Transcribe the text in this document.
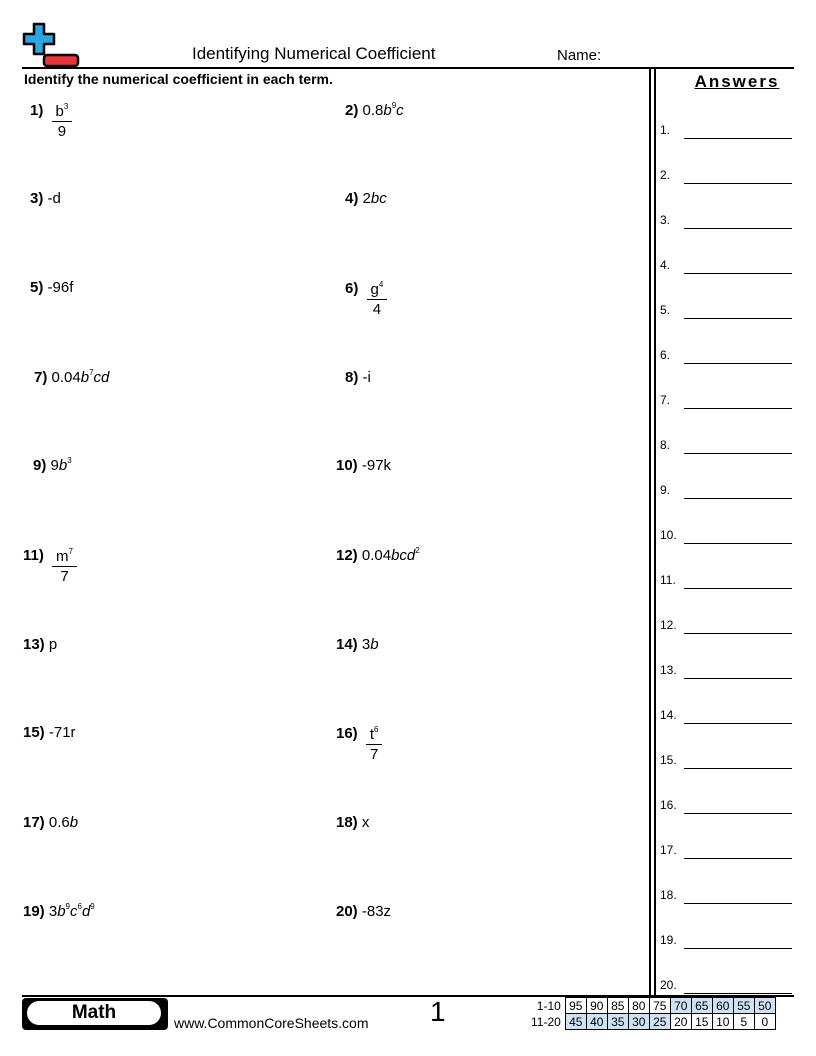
Identifying Numerical Coefficient	Name:
Identify the numerical coefficient in each term.	Answers
$1) \frac{b^3}{9}$	2) $0.8b^9c$
3) -d	4) 2bc
5) -96f	$6) \frac{g^4}{4}$
7) $0.04b^7cd$	8) -i
9) $9b^3$	10) -97k
$11) \frac{m^7}{7}$	12) 0.04bcd$^2$
13) p	14) 3b
15) -71r	$16) \frac{t^6}{7}$
17) 0.6b	18) x
19) $3b^9c^6d^9$	20) -83z
1.
2.
3.
4.
5.
6.
7.
8.
9.
10.
11.
12.
13.
14.
15.
16.
17.
18.
19.
20.
Math	www.CommonCoreSheets.com 1	1-10	95	90	85	80	75	70	65	60	55	50
11-20	45	40	35	30	25	20	15	10	5	0
